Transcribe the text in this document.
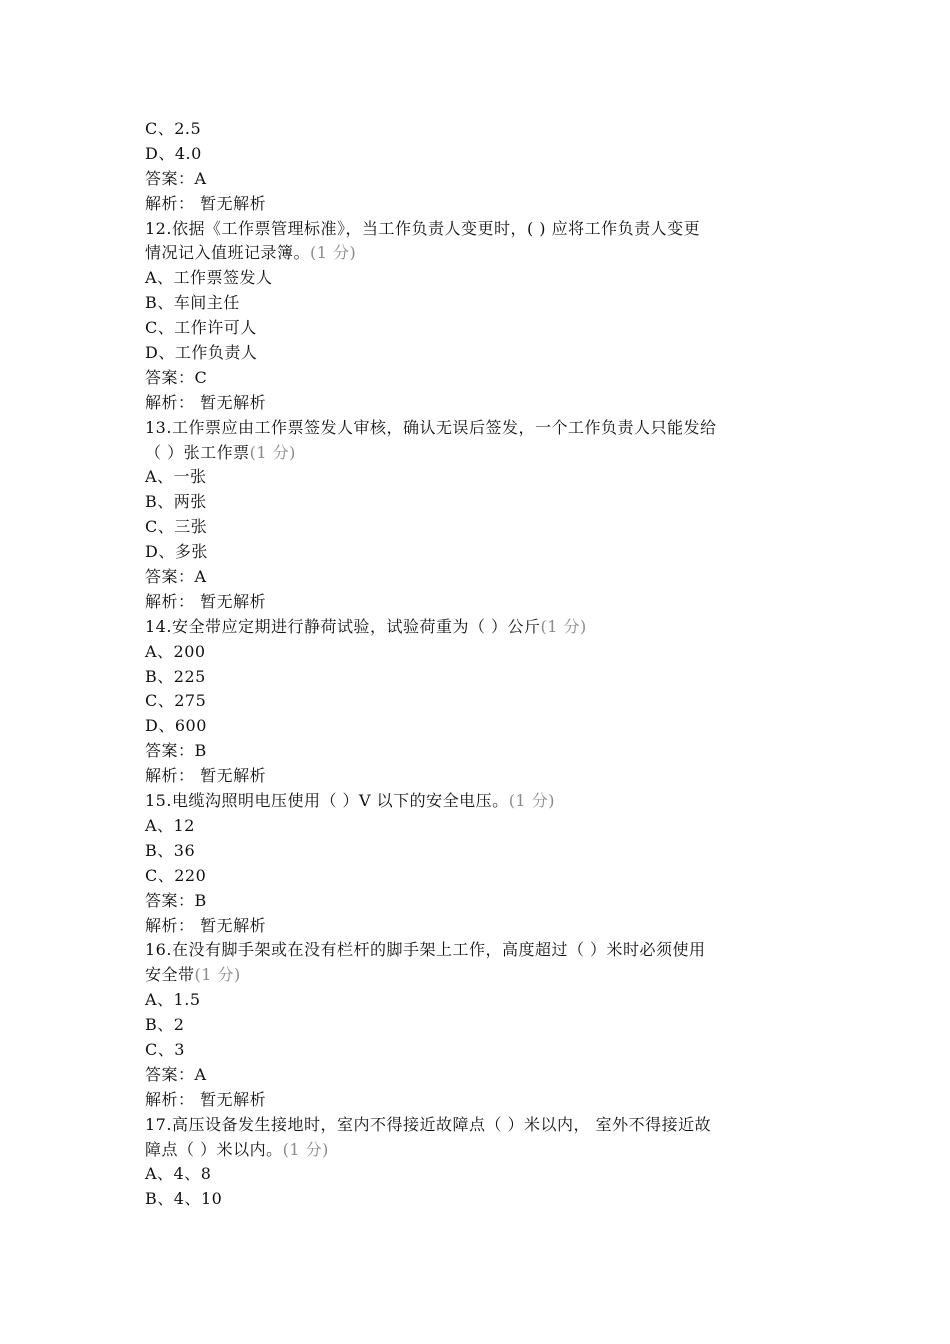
C、2.5
D、4.0
答案：A
解析： 暂无解析
12.依据《工作票管理标准》，当工作负责人变更时，( ) 应将工作负责人变更
情况记入值班记录簿。(1 分)
A、工作票签发人
B、车间主任
C、工作许可人
D、工作负责人
答案：C
解析： 暂无解析
13.工作票应由工作票签发人审核，确认无误后签发，一个工作负责人只能发给
（ ）张工作票(1 分)
A、一张
B、两张
C、三张
D、多张
答案：A
解析： 暂无解析
14.安全带应定期进行静荷试验，试验荷重为（ ）公斤(1 分)
A、200
B、225
C、275
D、600
答案：B
解析： 暂无解析
15.电缆沟照明电压使用（ ）V 以下的安全电压。(1 分)
A、12
B、36
C、220
答案：B
解析： 暂无解析
16.在没有脚手架或在没有栏杆的脚手架上工作，高度超过（ ）米时必须使用
安全带(1 分)
A、1.5
B、2
C、3
答案：A
解析： 暂无解析
17.高压设备发生接地时，室内不得接近故障点（ ）米以内， 室外不得接近故
障点（ ）米以内。(1 分)
A、4、8
B、4、10
